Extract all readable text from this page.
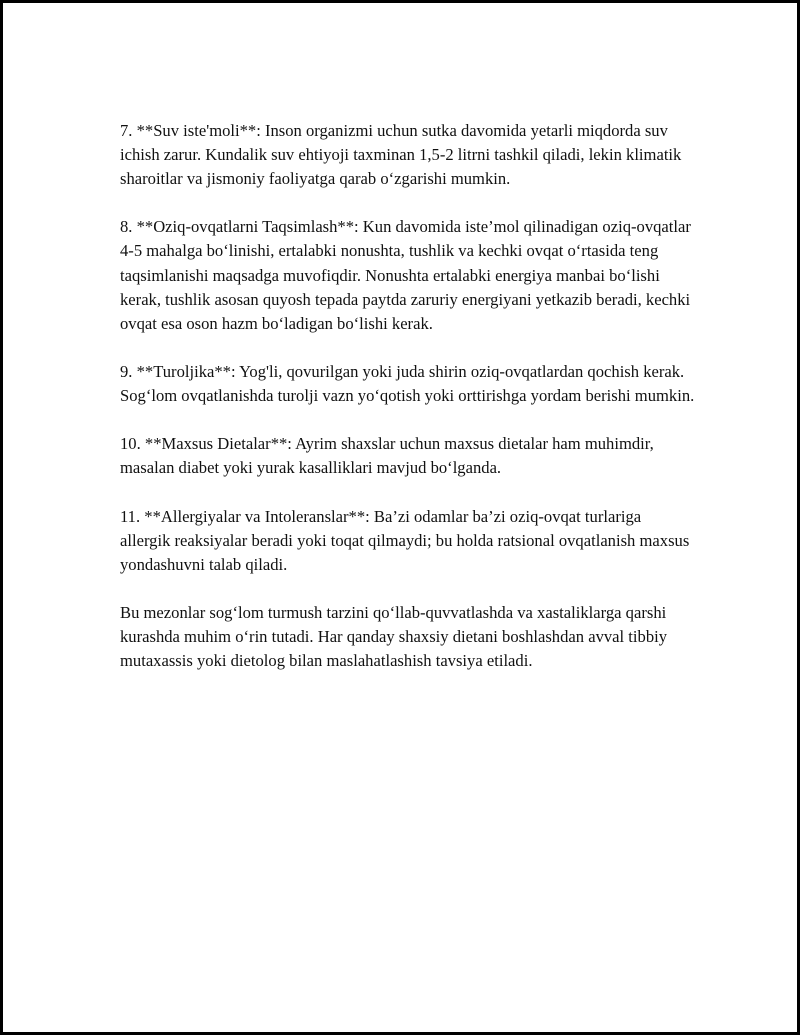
7. **Suv iste'moli**: Inson organizmi uchun sutka davomida yetarli miqdorda suv ichish zarur. Kundalik suv ehtiyoji taxminan 1,5-2 litrni tashkil qiladi, lekin klimatik sharoitlar va jismoniy faoliyatga qarab o‘zgarishi mumkin.

8. **Oziq-ovqatlarni Taqsimlash**: Kun davomida iste’mol qilinadigan oziq-ovqatlar 4-5 mahalga bo‘linishi, ertalabki nonushta, tushlik va kechki ovqat o‘rtasida teng taqsimlanishi maqsadga muvofiqdir. Nonushta ertalabki energiya manbai bo‘lishi kerak, tushlik asosan quyosh tepada paytda zaruriy energiyani yetkazib beradi, kechki ovqat esa oson hazm bo‘ladigan bo‘lishi kerak.

9. **Turoljika**: Yog'li, qovurilgan yoki juda shirin oziq-ovqatlardan qochish kerak. Sog‘lom ovqatlanishda turolji vazn yo‘qotish yoki orttirishga yordam berishi mumkin.

10. **Maxsus Dietalar**: Ayrim shaxslar uchun maxsus dietalar ham muhimdir, masalan diabet yoki yurak kasalliklari mavjud bo‘lganda.

11. **Allergiyalar va Intoleranslar**: Ba’zi odamlar ba’zi oziq-ovqat turlariga allergik reaksiyalar beradi yoki toqat qilmaydi; bu holda ratsional ovqatlanish maxsus yondashuvni talab qiladi.

Bu mezonlar sog‘lom turmush tarzini qo‘llab-quvvatlashda va xastaliklarga qarshi kurashda muhim o‘rin tutadi. Har qanday shaxsiy dietani boshlashdan avval tibbiy mutaxassis yoki dietolog bilan maslahatlashish tavsiya etiladi.
